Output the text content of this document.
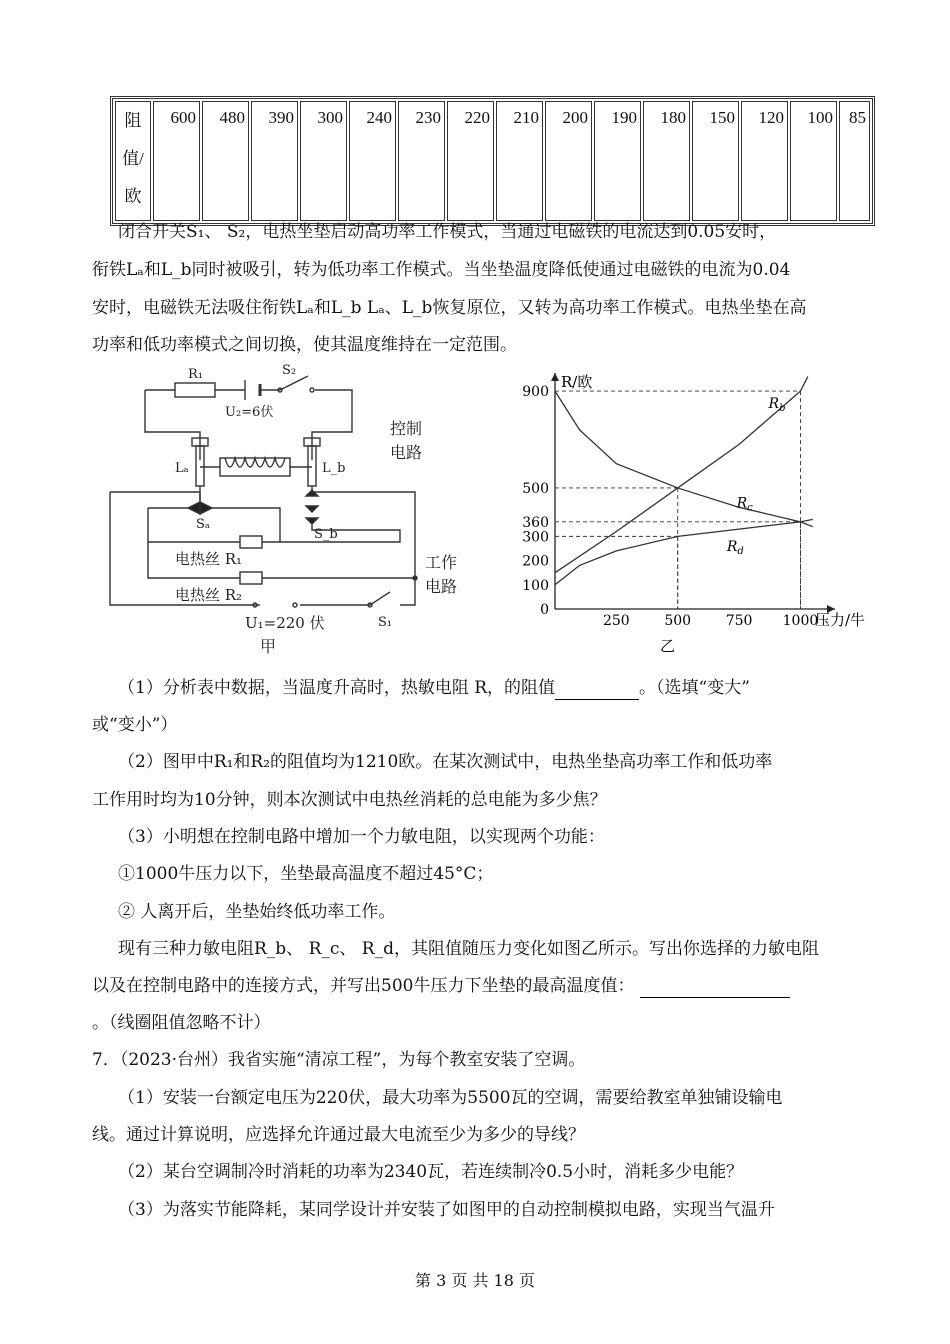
阻
值/
欧
	600	480	390	300	240	230	220	210	200	190	180	150	120	100	85
闭合开关S₁、 S₂，电热坐垫启动高功率工作模式，当通过电磁铁的电流达到0.05安时，
衔铁Lₐ和L_b同时被吸引，转为低功率工作模式。当坐垫温度降低使通过电磁铁的电流为0.04
安时，电磁铁无法吸住衔铁Lₐ和L_b Lₐ、L_b恢复原位，又转为高功率工作模式。电热坐垫在高
功率和低功率模式之间切换，使其温度维持在一定范围。
R₁	S₂
U₂=6伏
控制
电路
Lₐ	L_b
Sₐ
S_b
电热丝 R₁
电热丝 R₂
工作
电路
U₁=220 伏	S₁
甲
R/欧
压力/牛
乙
0
100
200
300
360
500
900
250 500 750 1000
$R_b$
$R_c$
$R_d$
（1）分析表中数据，当温度升高时，热敏电阻 R，的阻值	。（选填“变大”
或“变小”）
（2）图甲中R₁和R₂的阻值均为1210欧。在某次测试中，电热坐垫高功率工作和低功率
工作用时均为10分钟，则本次测试中电热丝消耗的总电能为多少焦？
（3）小明想在控制电路中增加一个力敏电阻，以实现两个功能：
①1000牛压力以下，坐垫最高温度不超过45°C；
② 人离开后，坐垫始终低功率工作。
现有三种力敏电阻R_b、 R_c、 R_d，其阻值随压力变化如图乙所示。写出你选择的力敏电阻
以及在控制电路中的连接方式，并写出500牛压力下坐垫的最高温度值：
。（线圈阻值忽略不计）
7．（2023·台州）我省实施“清凉工程”，为每个教室安装了空调。
（1）安装一台额定电压为220伏，最大功率为5500瓦的空调，需要给教室单独铺设输电
线。通过计算说明，应选择允许通过最大电流至少为多少的导线？
（2）某台空调制冷时消耗的功率为2340瓦，若连续制冷0.5小时，消耗多少电能？
（3）为落实节能降耗，某同学设计并安装了如图甲的自动控制模拟电路，实现当气温升
第 3 页 共 18 页
